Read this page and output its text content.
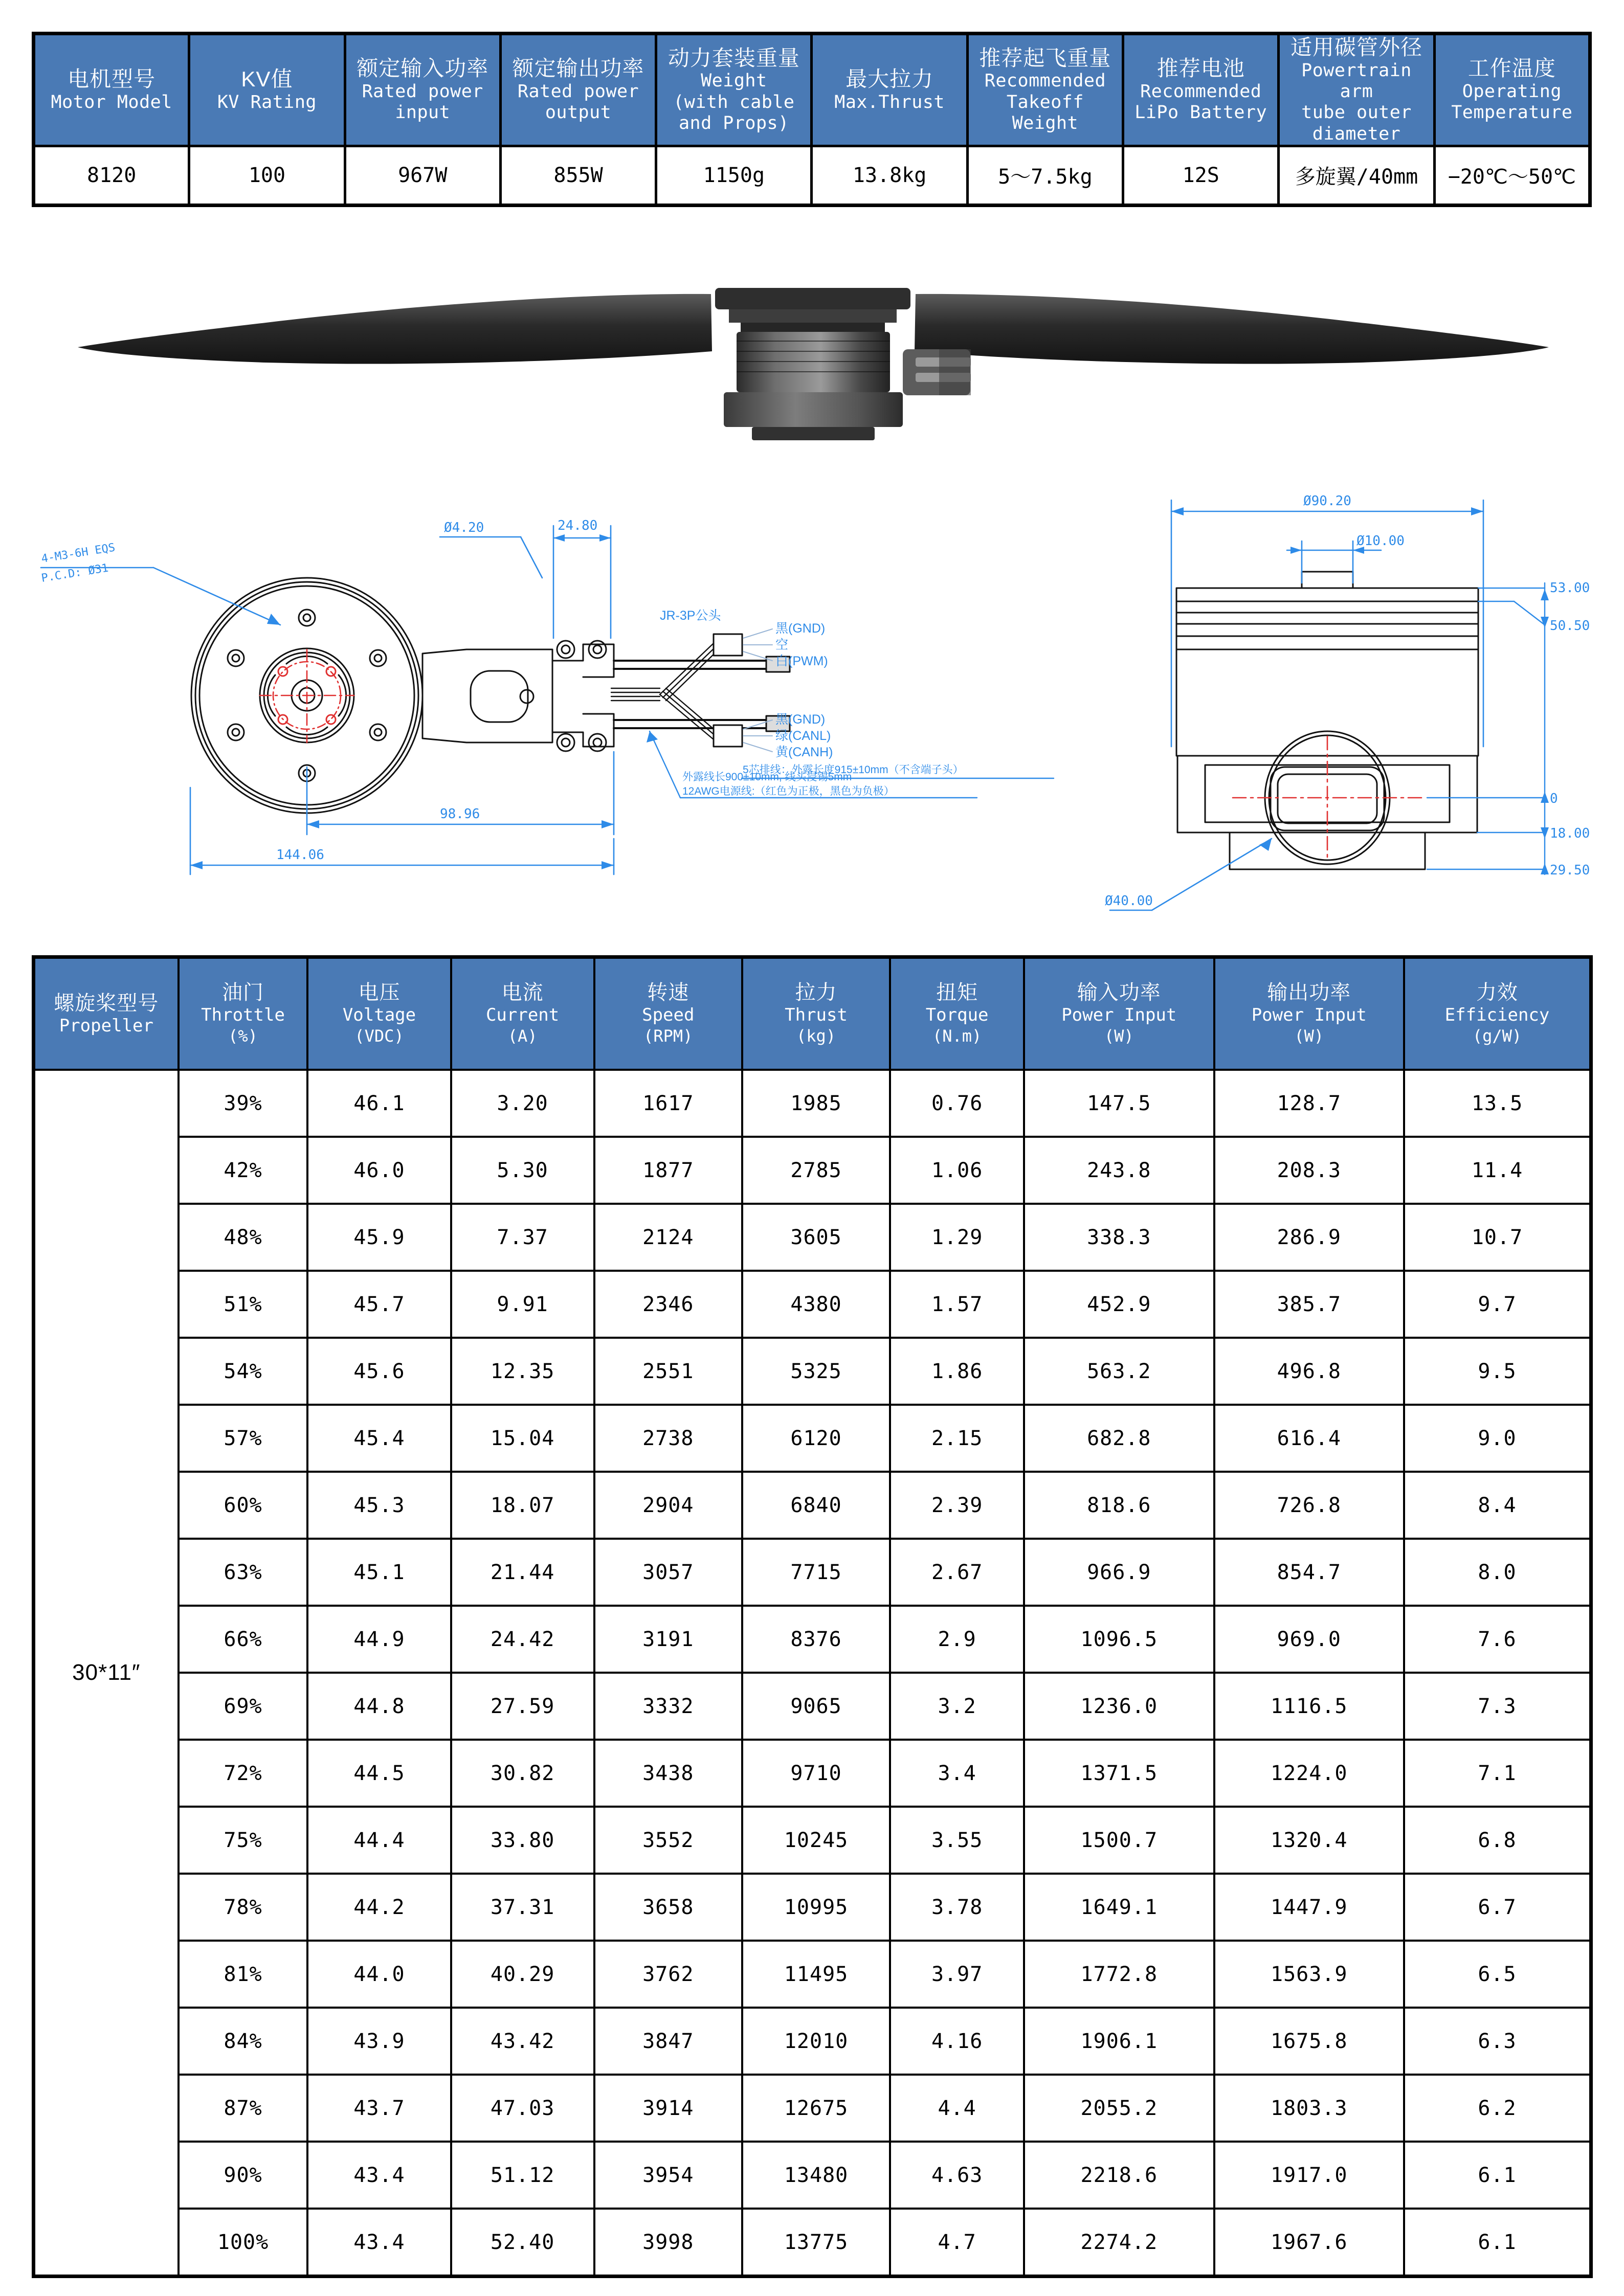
电机型号
Motor Model	KV值
KV Rating	额定输入功率
Rated power
input	额定输出功率
Rated power
output	动力套装重量
Weight
(with cable
and Props)	最大拉力
Max.Thrust	推荐起飞重量
Recommended
Takeoff Weight	推荐电池
Recommended
LiPo Battery	适用碳管外径
Powertrain arm
tube outer
diameter	工作温度
Operating
Temperature

8120	100	967W	855W	1150g	13.8kg	5～7.5kg	12S	多旋翼/40mm	−20℃～50℃
JR-3P公头
黑(GND)
空
白(PWM)
黑(GND)
绿(CANL)
黄(CANH)
5芯排线：外露长度915±10mm（不含端子头）
外露线长900±10mm, 线头浸锡5mm
12AWG电源线:（红色为正极，黑色为负极）
4-M3-6H EQS
P.C.D: Ø31
Ø4.20	24.80
98.96
144.06
Ø90.20
Ø10.00
Ø40.00
53.00
50.50
0
18.00
29.50
螺旋桨型号
Propeller	油门
Throttle
(%)	电压
Voltage
(VDC)	电流
Current
(A)	转速
Speed
(RPM)	拉力
Thrust
(kg)	扭矩
Torque
(N.m)	输入功率
Power Input
(W)	输出功率
Power Input
(W)	力效
Efficiency
(g/W)

30*11″	39%	46.1	3.20	1617	1985	0.76	147.5	128.7	13.5
	42%	46.0	5.30	1877	2785	1.06	243.8	208.3	11.4
	48%	45.9	7.37	2124	3605	1.29	338.3	286.9	10.7
	51%	45.7	9.91	2346	4380	1.57	452.9	385.7	9.7
	54%	45.6	12.35	2551	5325	1.86	563.2	496.8	9.5
	57%	45.4	15.04	2738	6120	2.15	682.8	616.4	9.0
	60%	45.3	18.07	2904	6840	2.39	818.6	726.8	8.4
	63%	45.1	21.44	3057	7715	2.67	966.9	854.7	8.0
	66%	44.9	24.42	3191	8376	2.9	1096.5	969.0	7.6
	69%	44.8	27.59	3332	9065	3.2	1236.0	1116.5	7.3
	72%	44.5	30.82	3438	9710	3.4	1371.5	1224.0	7.1
	75%	44.4	33.80	3552	10245	3.55	1500.7	1320.4	6.8
	78%	44.2	37.31	3658	10995	3.78	1649.1	1447.9	6.7
	81%	44.0	40.29	3762	11495	3.97	1772.8	1563.9	6.5
	84%	43.9	43.42	3847	12010	4.16	1906.1	1675.8	6.3
	87%	43.7	47.03	3914	12675	4.4	2055.2	1803.3	6.2
	90%	43.4	51.12	3954	13480	4.63	2218.6	1917.0	6.1
	100%	43.4	52.40	3998	13775	4.7	2274.2	1967.6	6.1
